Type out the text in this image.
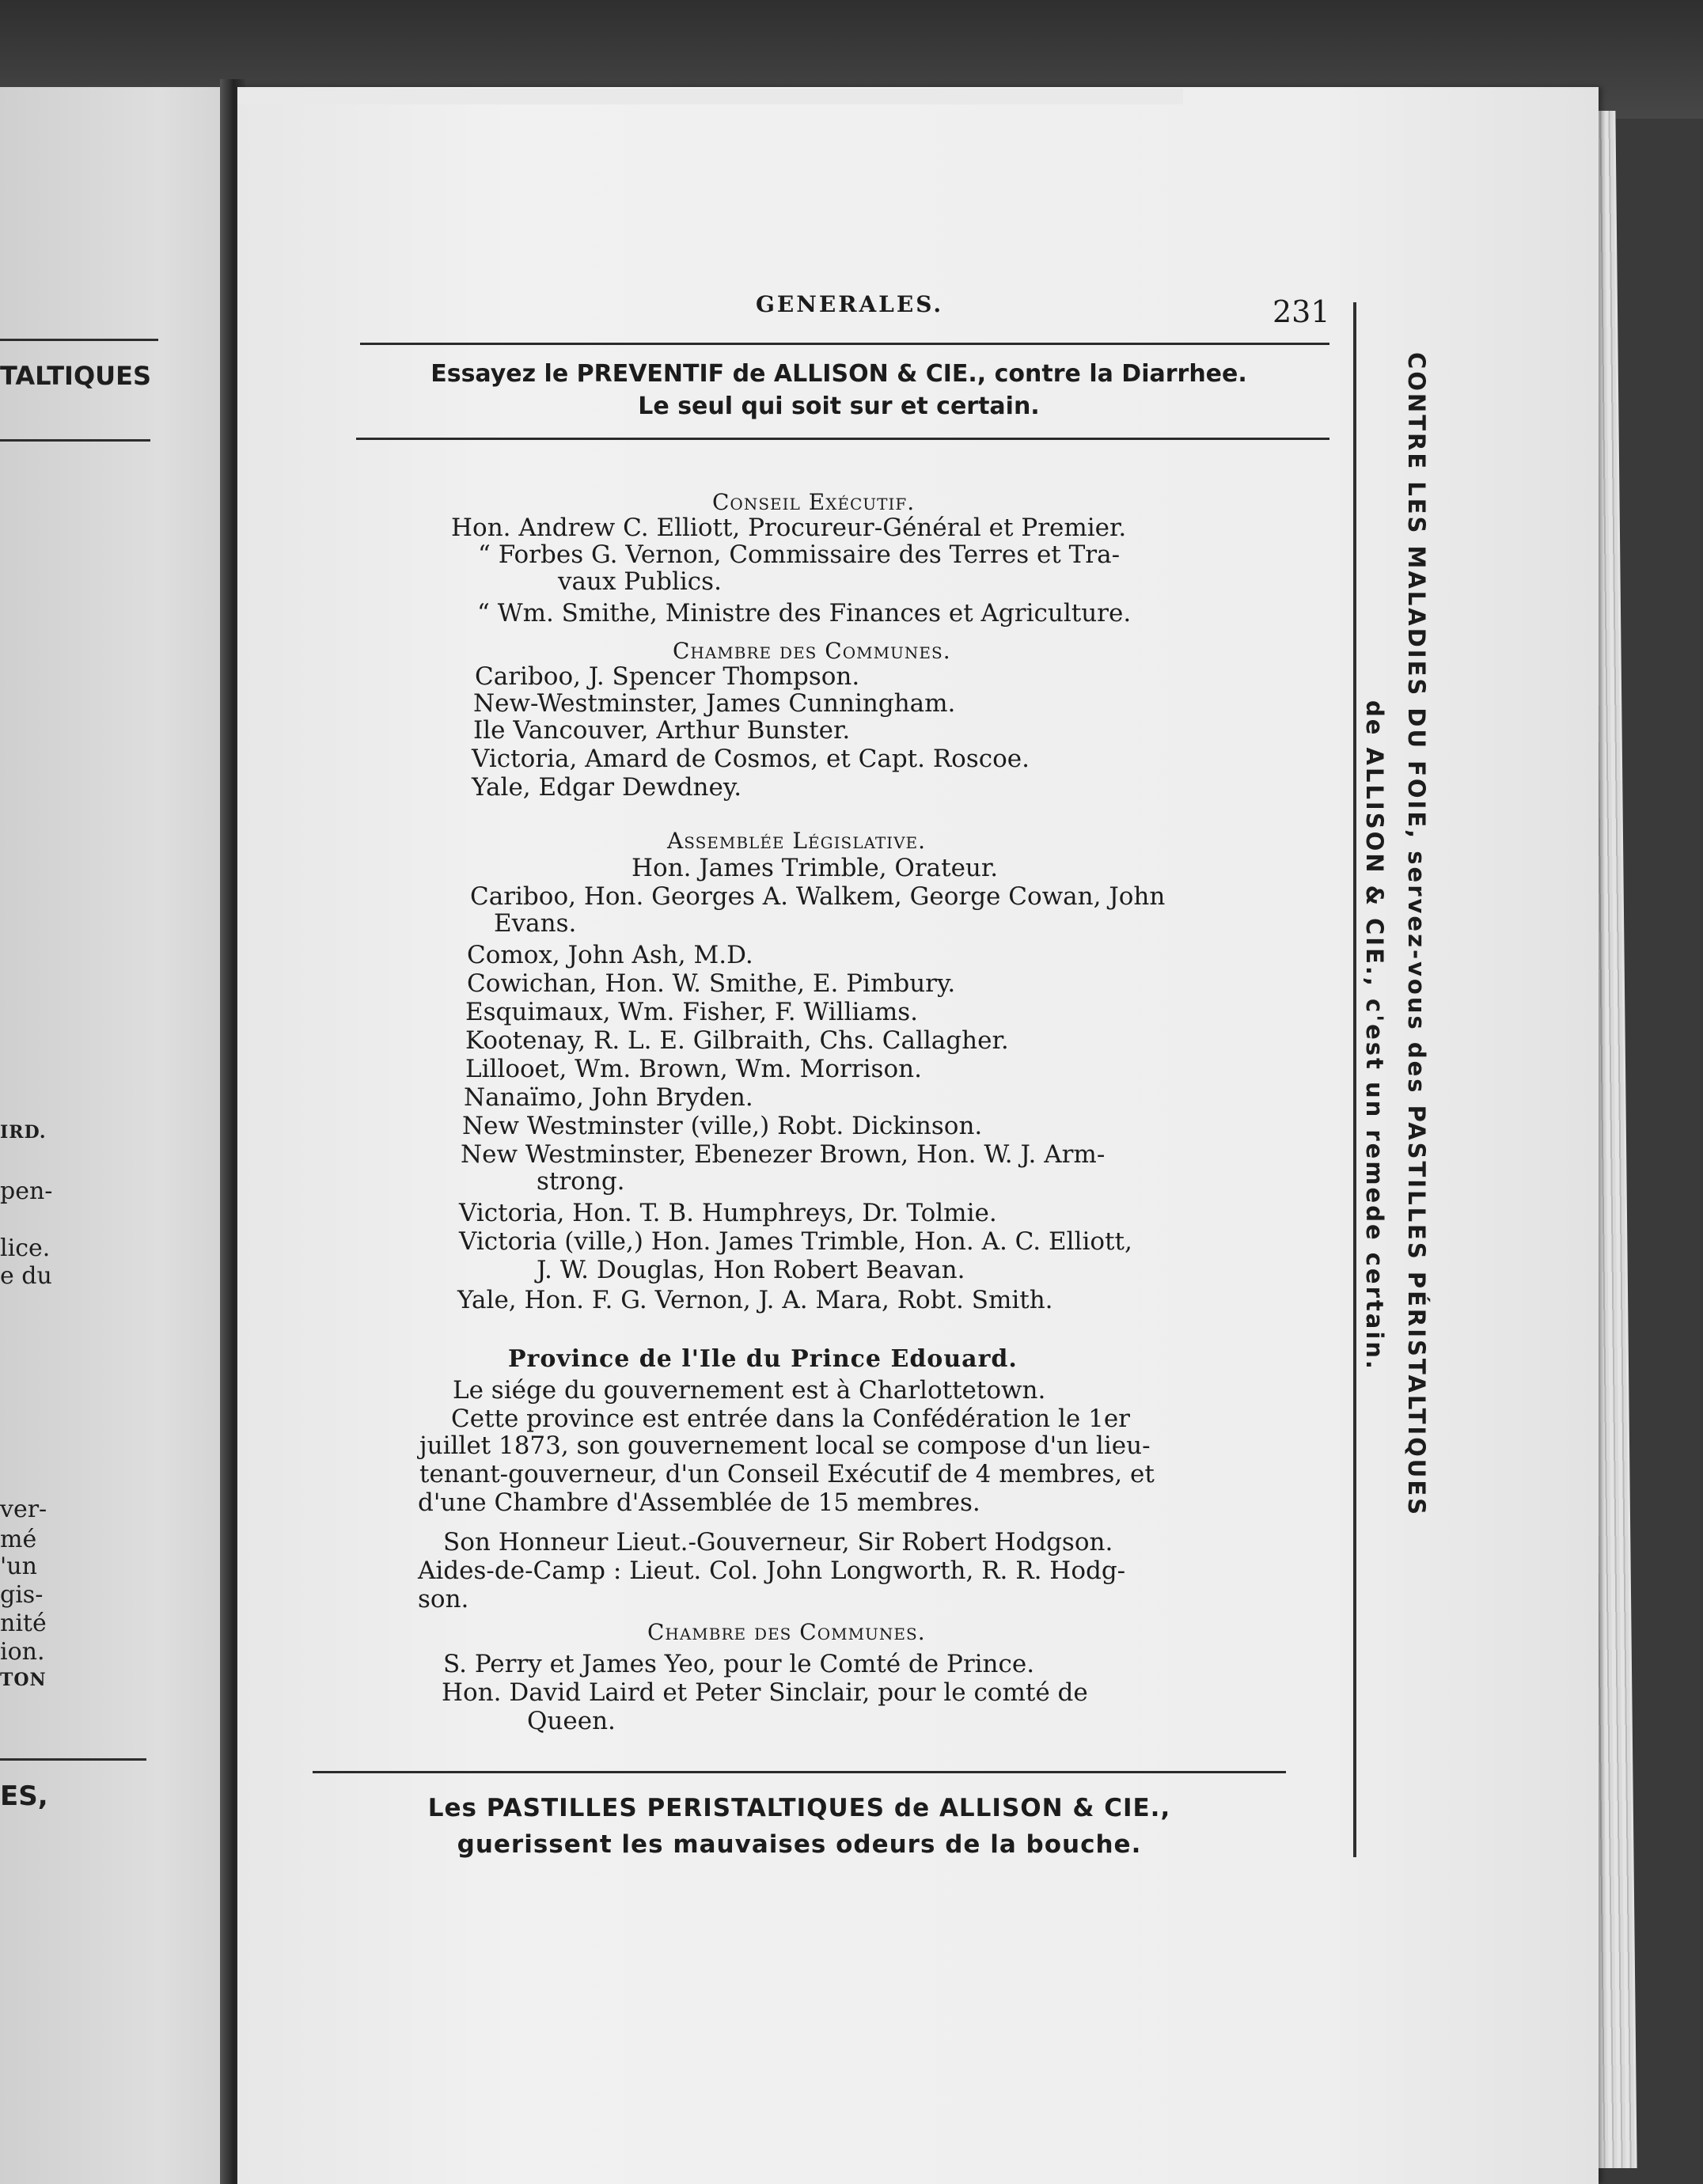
TALTIQUES
IRD.
pen-
lice.
e du
ver-
mé
'un
gis-
nité
ion.
TON
ES,
GENERALES.	231
Essayez le PREVENTIF de ALLISON & CIE., contre la Diarrhee.
Le seul qui soit sur et certain.	CONTRE LES MALADIES DU FOIE, servez-vous des PASTILLES PÉRISTALTIQUES
de ALLISON & CIE., c'est un remede certain.
Conseil Exécutif.
Hon. Andrew C. Elliott, Procureur-Général et Premier.
“ Forbes G. Vernon, Commissaire des Terres et Tra-
vaux Publics.
“ Wm. Smithe, Ministre des Finances et Agriculture.
Chambre des Communes.
Cariboo, J. Spencer Thompson.
New-Westminster, James Cunningham.
Ile Vancouver, Arthur Bunster.
Victoria, Amard de Cosmos, et Capt. Roscoe.
Yale, Edgar Dewdney.
Assemblée Législative.
Hon. James Trimble, Orateur.
Cariboo, Hon. Georges A. Walkem, George Cowan, John
Evans.
Comox, John Ash, M.D.
Cowichan, Hon. W. Smithe, E. Pimbury.
Esquimaux, Wm. Fisher, F. Williams.
Kootenay, R. L. E. Gilbraith, Chs. Callagher.
Lillooet, Wm. Brown, Wm. Morrison.
Nanaïmo, John Bryden.
New Westminster (ville,) Robt. Dickinson.
New Westminster, Ebenezer Brown, Hon. W. J. Arm-
strong.
Victoria, Hon. T. B. Humphreys, Dr. Tolmie.
Victoria (ville,) Hon. James Trimble, Hon. A. C. Elliott,
J. W. Douglas, Hon Robert Beavan.
Yale, Hon. F. G. Vernon, J. A. Mara, Robt. Smith.
Province de l'Ile du Prince Edouard.
Le siége du gouvernement est à Charlottetown.
Cette province est entrée dans la Confédération le 1er
juillet 1873, son gouvernement local se compose d'un lieu-
tenant-gouverneur, d'un Conseil Exécutif de 4 membres, et
d'une Chambre d'Assemblée de 15 membres.
Son Honneur Lieut.-Gouverneur, Sir Robert Hodgson.
Aides-de-Camp : Lieut. Col. John Longworth, R. R. Hodg-
son.
Chambre des Communes.
S. Perry et James Yeo, pour le Comté de Prince.
Hon. David Laird et Peter Sinclair, pour le comté de
Queen.
Les PASTILLES PERISTALTIQUES de ALLISON & CIE.,
guerissent les mauvaises odeurs de la bouche.
